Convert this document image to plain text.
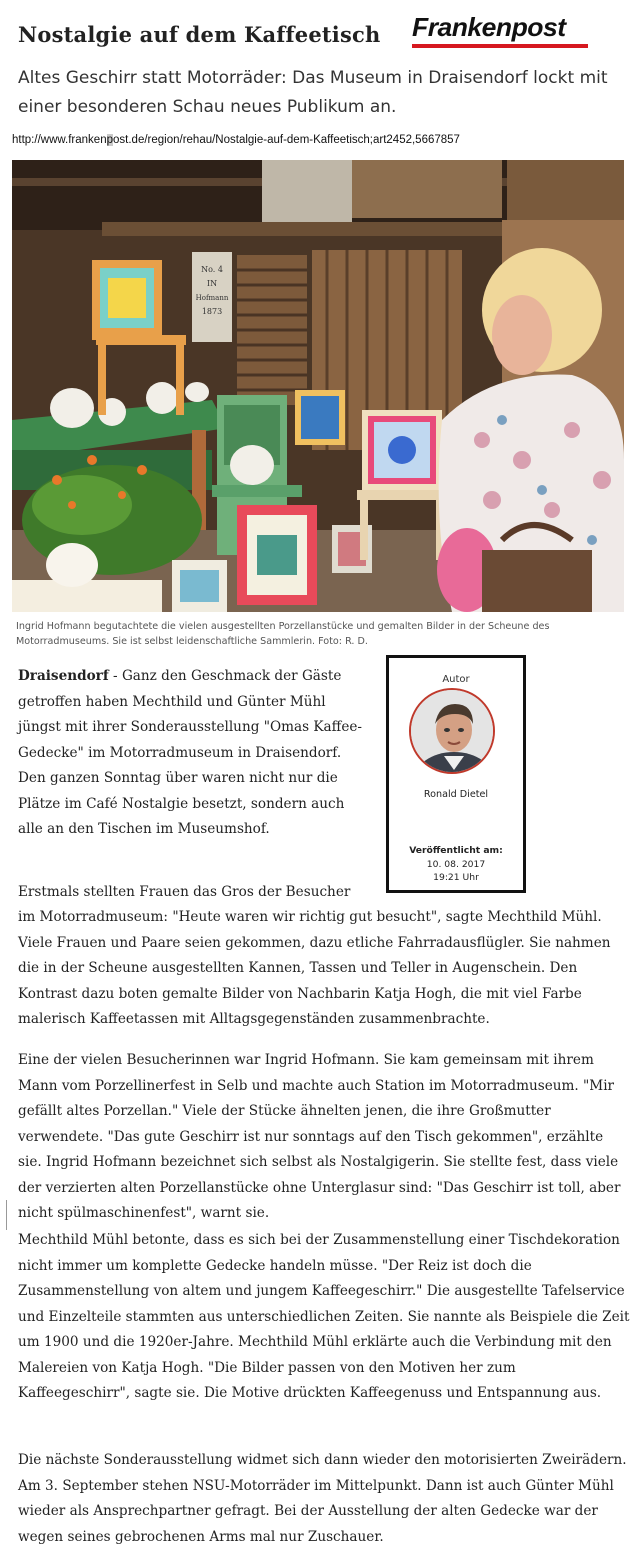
Nostalgie auf dem Kaffeetisch Frankenpost

Altes Geschirr statt Motorräder: Das Museum in Draisendorf lockt mit einer besonderen Schau neues Publikum an.

http://www.frankenpost.de/region/rehau/Nostalgie-auf-dem-Kaffeetisch;art2452,5667857
No. 4
IN
Hofmann
1873

Ingrid Hofmann begutachtete die vielen ausgestellten Porzellanstücke und gemalten Bilder in der Scheune des Motorradmuseums. Sie ist selbst leidenschaftliche Sammlerin. Foto: R. D.

Autor
Ronald Dietel
Veröffentlicht am:
10. 08. 2017
19:21 Uhr

Draisendorf - Ganz den Geschmack der Gäste getroffen haben Mechthild und Günter Mühl jüngst mit ihrer Sonderausstellung "Omas Kaffee-Gedecke" im Motorradmuseum in Draisendorf. Den ganzen Sonntag über waren nicht nur die Plätze im Café Nostalgie besetzt, sondern auch alle an den Tischen im Museumshof.

Erstmals stellten Frauen das Gros der Besucher

im Motorradmuseum: "Heute waren wir richtig gut besucht", sagte Mechthild Mühl. Viele Frauen und Paare seien gekommen, dazu etliche Fahrradausflügler. Sie nahmen die in der Scheune ausgestellten Kannen, Tassen und Teller in Augenschein. Den Kontrast dazu boten gemalte Bilder von Nachbarin Katja Hogh, die mit viel Farbe malerisch Kaffeetassen mit Alltagsgegenständen zusammenbrachte.

Eine der vielen Besucherinnen war Ingrid Hofmann. Sie kam gemeinsam mit ihrem Mann vom Porzellinerfest in Selb und machte auch Station im Motorradmuseum. "Mir gefällt altes Porzellan." Viele der Stücke ähnelten jenen, die ihre Großmutter verwendete. "Das gute Geschirr ist nur sonntags auf den Tisch gekommen", erzählte sie. Ingrid Hofmann bezeichnet sich selbst als Nostalgigerin. Sie stellte fest, dass viele der verzierten alten Porzellanstücke ohne Unterglasur sind: "Das Geschirr ist toll, aber nicht spülmaschinenfest", warnt sie.

Mechthild Mühl betonte, dass es sich bei der Zusammenstellung einer Tischdekoration nicht immer um komplette Gedecke handeln müsse. "Der Reiz ist doch die Zusammenstellung von altem und jungem Kaffeegeschirr." Die ausgestellte Tafelservice und Einzelteile stammten aus unterschiedlichen Zeiten. Sie nannte als Beispiele die Zeit um 1900 und die 1920er-Jahre. Mechthild Mühl erklärte auch die Verbindung mit den Malereien von Katja Hogh. "Die Bilder passen von den Motiven her zum Kaffeegeschirr", sagte sie. Die Motive drückten Kaffeegenuss und Entspannung aus.

Die nächste Sonderausstellung widmet sich dann wieder den motorisierten Zweirädern. Am 3. September stehen NSU-Motorräder im Mittelpunkt. Dann ist auch Günter Mühl wieder als Ansprechpartner gefragt. Bei der Ausstellung der alten Gedecke war der wegen seines gebrochenen Arms mal nur Zuschauer.
